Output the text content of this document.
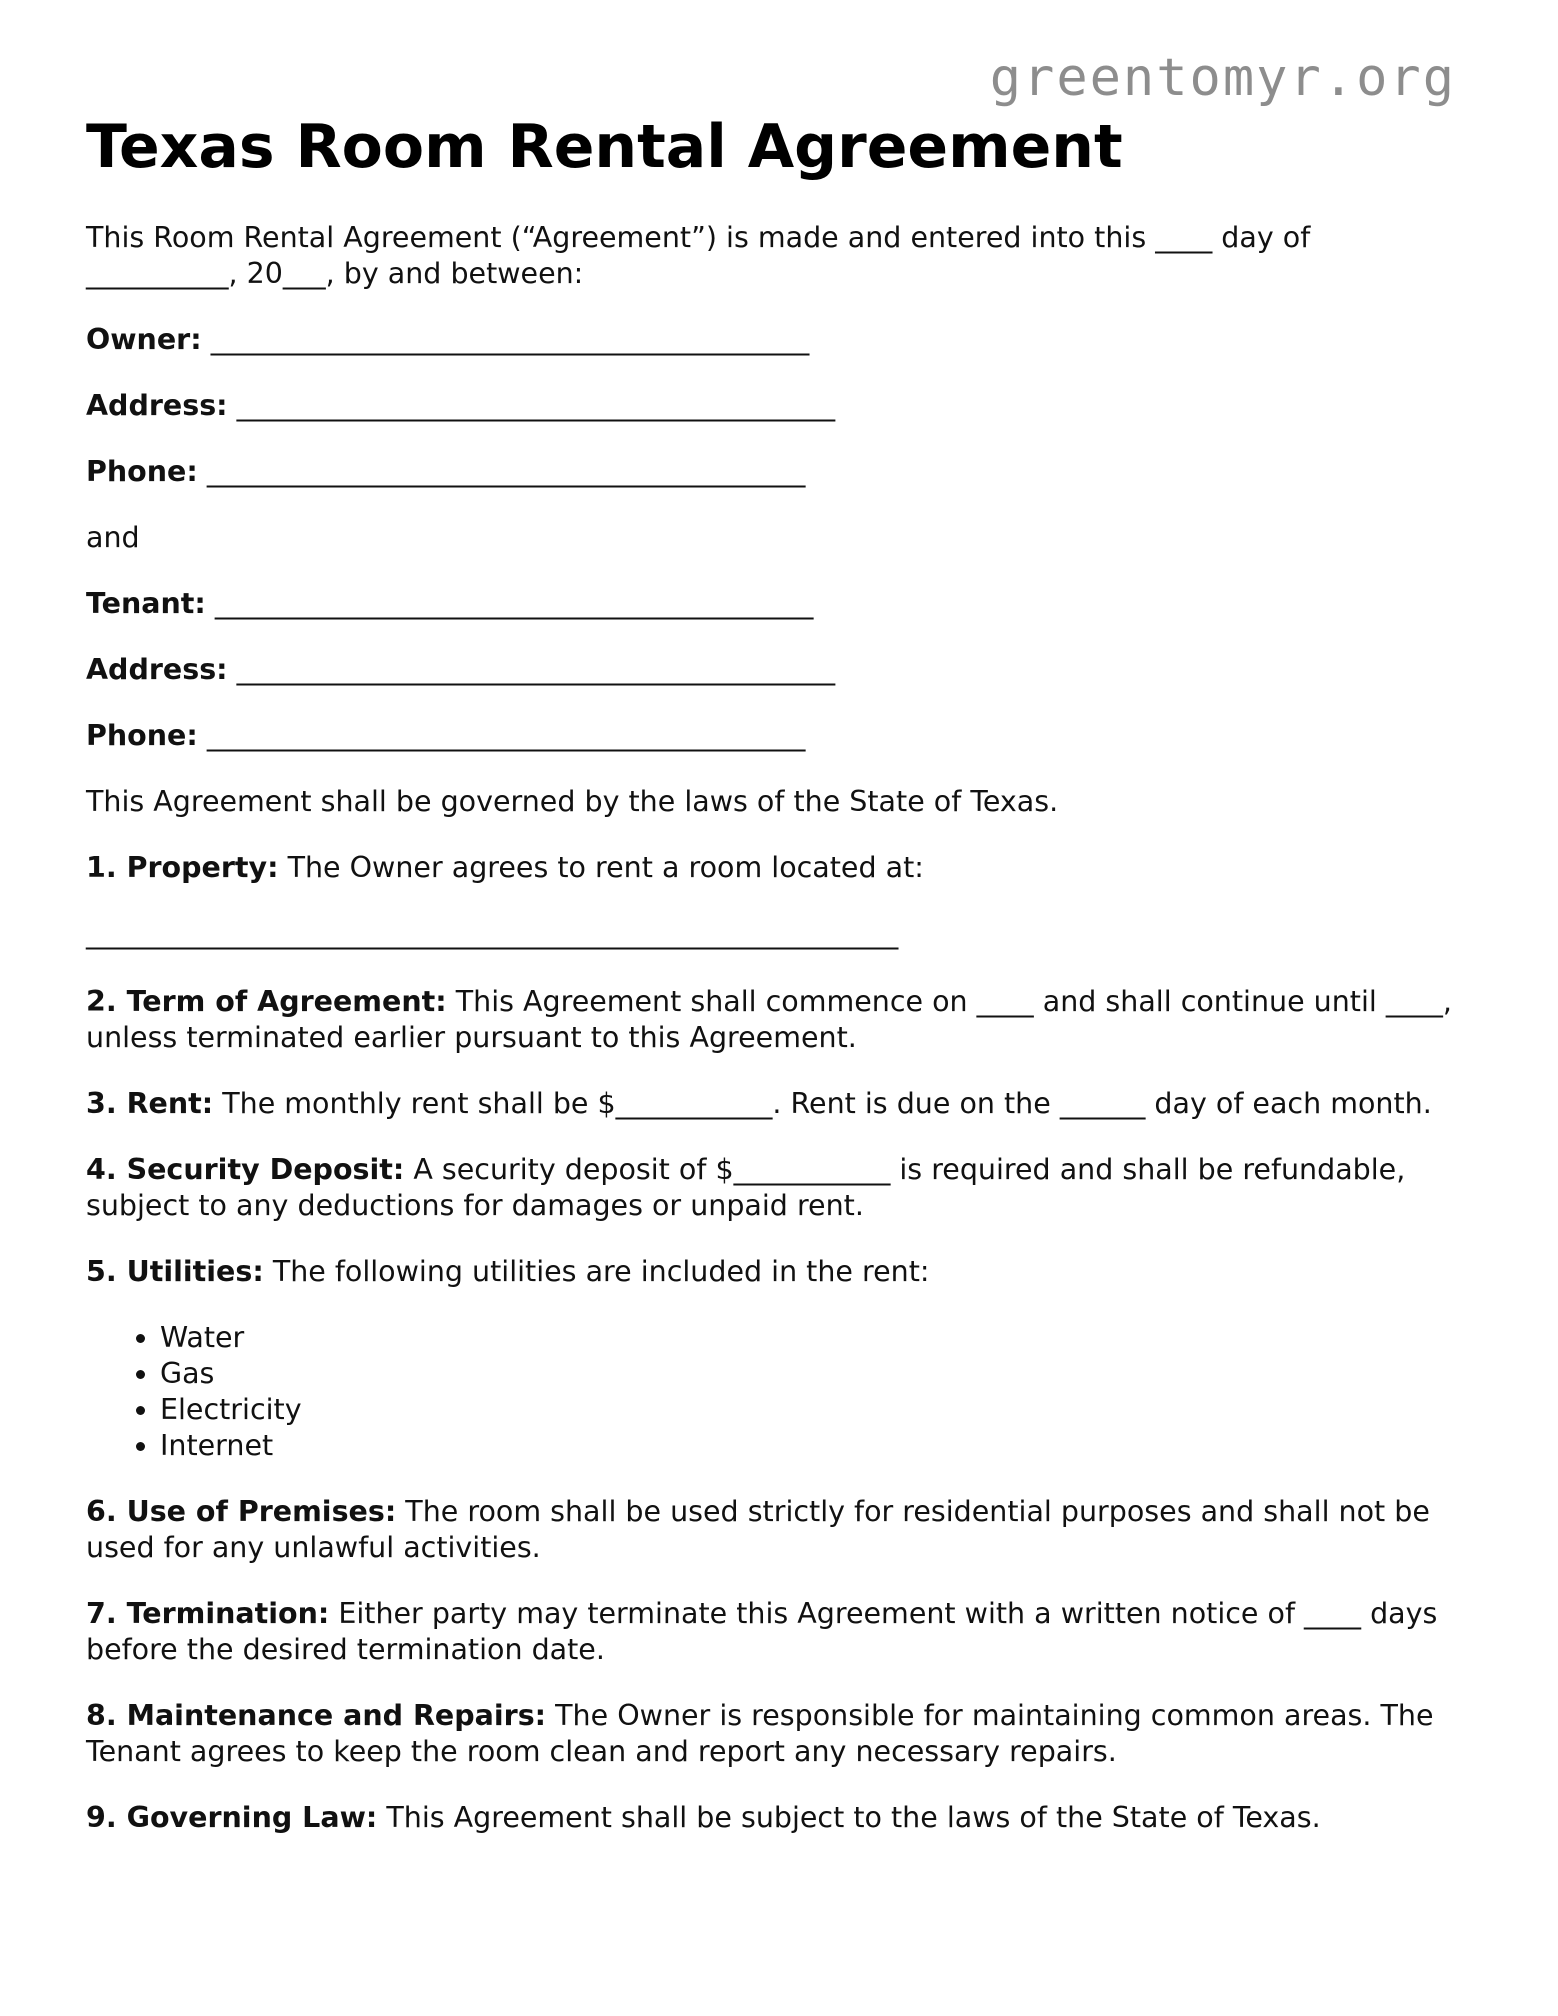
greentomyr.org
Texas Room Rental Agreement

This Room Rental Agreement (“Agreement”) is made and entered into this ____ day of __________, 20___, by and between:

Owner: __________________________________________
Address: __________________________________________
Phone: __________________________________________

and

Tenant: __________________________________________
Address: __________________________________________
Phone: __________________________________________

This Agreement shall be governed by the laws of the State of Texas.

1. Property: The Owner agrees to rent a room located at:

_________________________________________________________

2. Term of Agreement: This Agreement shall commence on ____ and shall continue until ____, unless terminated earlier pursuant to this Agreement.

3. Rent: The monthly rent shall be $___________. Rent is due on the ______ day of each month.

4. Security Deposit: A security deposit of $___________ is required and shall be refundable, subject to any deductions for damages or unpaid rent.

5. Utilities: The following utilities are included in the rent:

• Water
• Gas
• Electricity
• Internet

6. Use of Premises: The room shall be used strictly for residential purposes and shall not be used for any unlawful activities.

7. Termination: Either party may terminate this Agreement with a written notice of ____ days before the desired termination date.

8. Maintenance and Repairs: The Owner is responsible for maintaining common areas. The Tenant agrees to keep the room clean and report any necessary repairs.

9. Governing Law: This Agreement shall be subject to the laws of the State of Texas.
